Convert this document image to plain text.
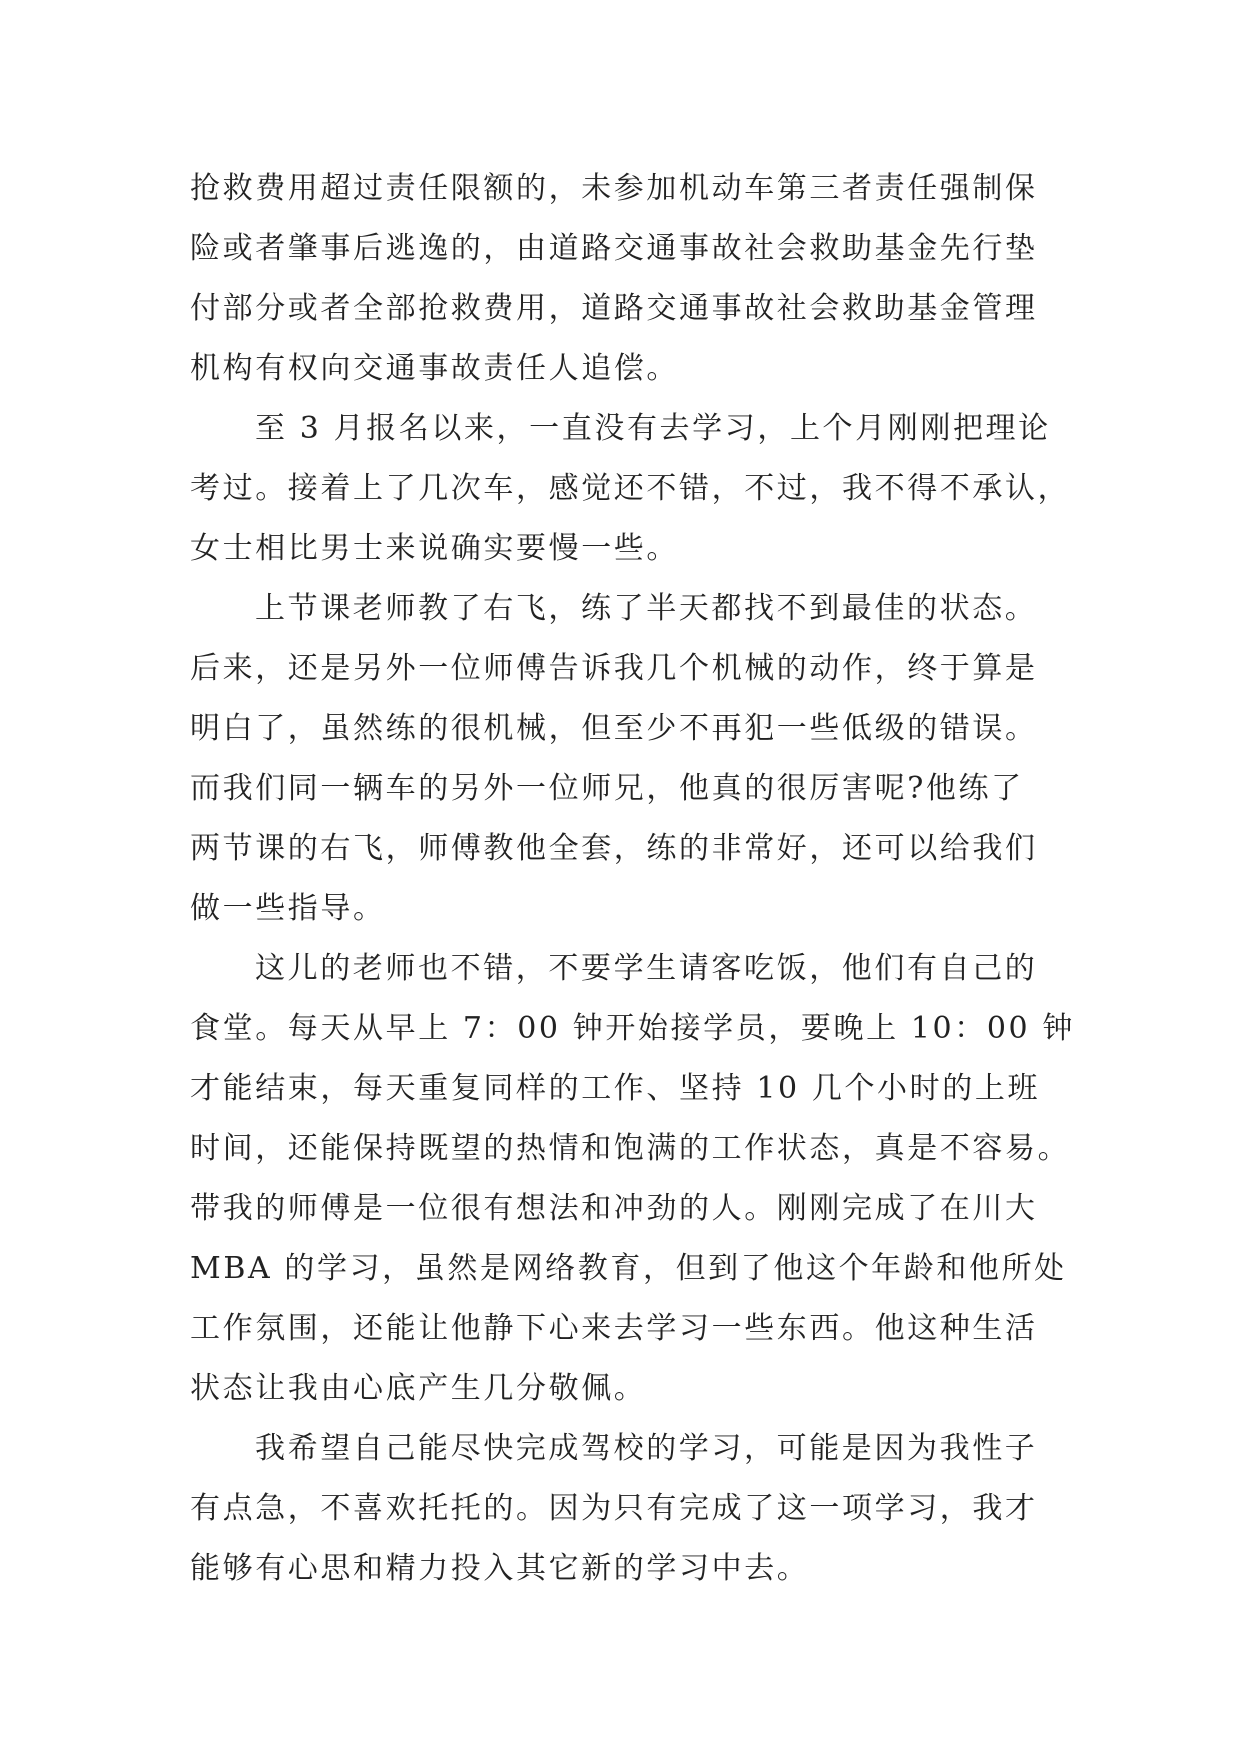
抢救费用超过责任限额的，未参加机动车第三者责任强制保
险或者肇事后逃逸的，由道路交通事故社会救助基金先行垫
付部分或者全部抢救费用，道路交通事故社会救助基金管理
机构有权向交通事故责任人追偿。
至 3 月报名以来，一直没有去学习，上个月刚刚把理论
考过。接着上了几次车，感觉还不错，不过，我不得不承认，
女士相比男士来说确实要慢一些。
上节课老师教了右飞，练了半天都找不到最佳的状态。
后来，还是另外一位师傅告诉我几个机械的动作，终于算是
明白了，虽然练的很机械，但至少不再犯一些低级的错误。
而我们同一辆车的另外一位师兄，他真的很厉害呢?他练了
两节课的右飞，师傅教他全套，练的非常好，还可以给我们
做一些指导。
这儿的老师也不错，不要学生请客吃饭，他们有自己的
食堂。每天从早上 7：00 钟开始接学员，要晚上 10：00 钟
才能结束，每天重复同样的工作、坚持 10 几个小时的上班
时间，还能保持既望的热情和饱满的工作状态，真是不容易。
带我的师傅是一位很有想法和冲劲的人。刚刚完成了在川大
MBA 的学习，虽然是网络教育，但到了他这个年龄和他所处
工作氛围，还能让他静下心来去学习一些东西。他这种生活
状态让我由心底产生几分敬佩。
我希望自己能尽快完成驾校的学习，可能是因为我性子
有点急，不喜欢托托的。因为只有完成了这一项学习，我才
能够有心思和精力投入其它新的学习中去。
